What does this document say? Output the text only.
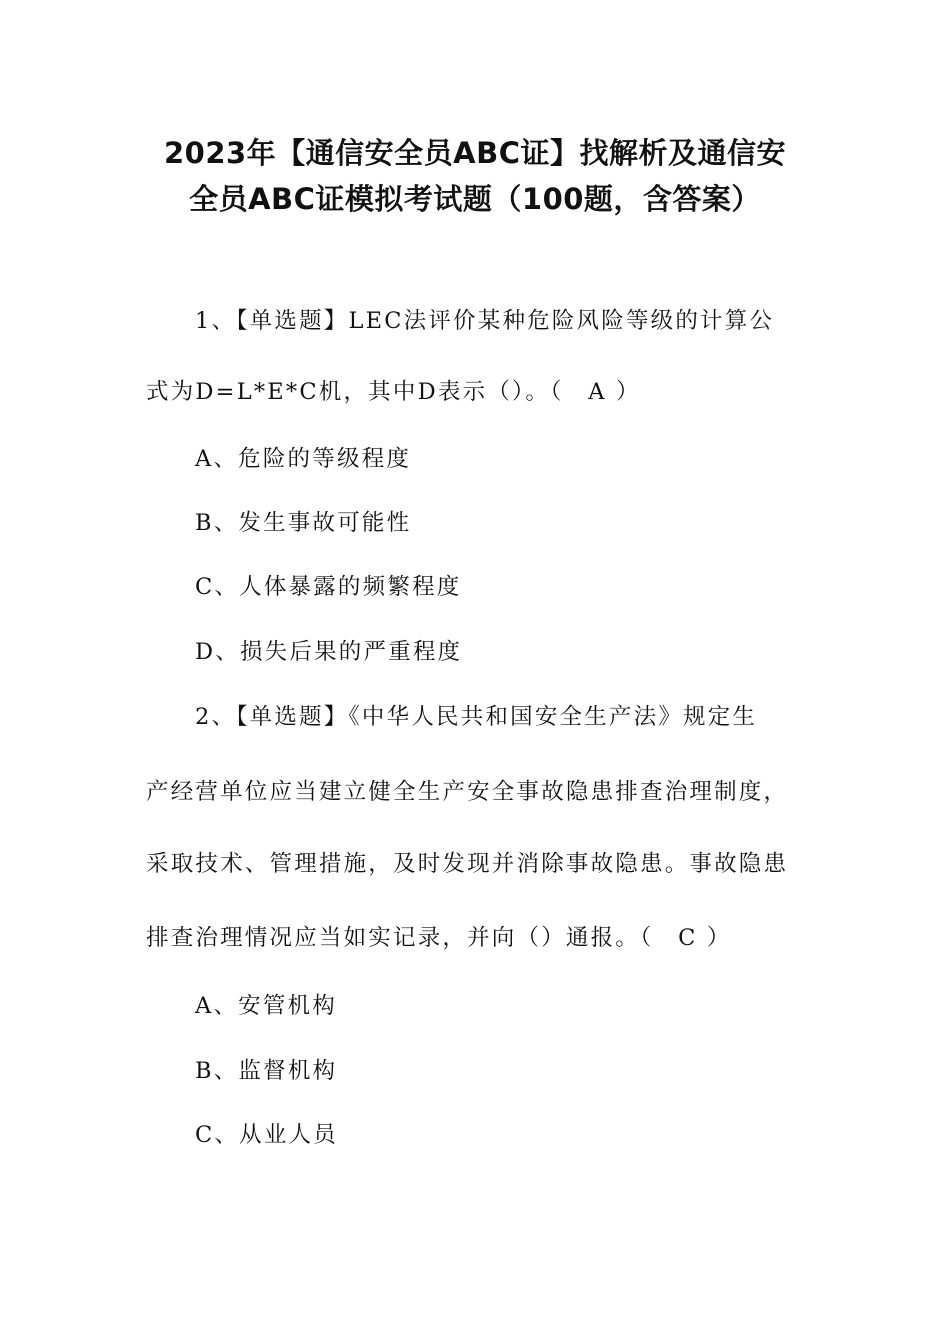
2023年【通信安全员ABC证】找解析及通信安
全员ABC证模拟考试题（100题，含答案）
1、【单选题】LEC法评价某种危险风险等级的计算公
式为D=L*E*C机，其中D表示（）。（　A ）
A、危险的等级程度
B、发生事故可能性
C、人体暴露的频繁程度
D、损失后果的严重程度
2、【单选题】《中华人民共和国安全生产法》规定生
产经营单位应当建立健全生产安全事故隐患排查治理制度，
采取技术、管理措施，及时发现并消除事故隐患。事故隐患
排查治理情况应当如实记录，并向（）通报。（　C ）
A、安管机构
B、监督机构
C、从业人员
